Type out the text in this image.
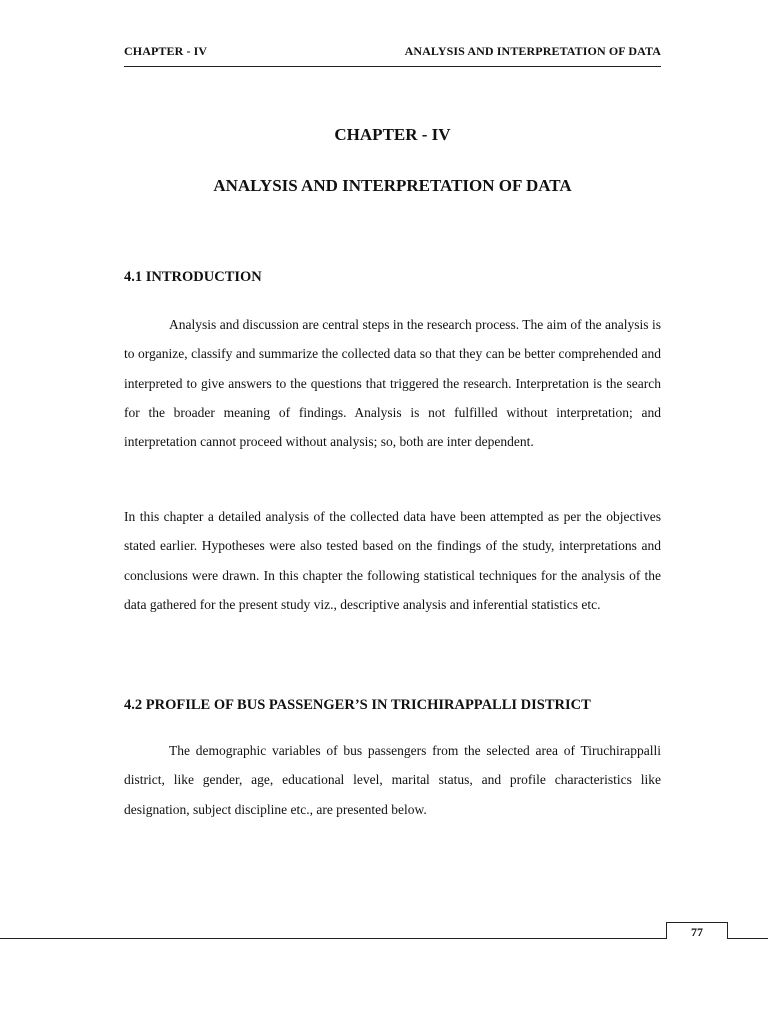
CHAPTER - IV	ANALYSIS AND INTERPRETATION OF DATA
CHAPTER - IV
ANALYSIS AND INTERPRETATION OF DATA
4.1 INTRODUCTION

Analysis and discussion are central steps in the research process. The aim of the analysis is to organize, classify and summarize the collected data so that they can be better comprehended and interpreted to give answers to the questions that triggered the research. Interpretation is the search for the broader meaning of findings. Analysis is not fulfilled without interpretation; and interpretation cannot proceed without analysis; so, both are inter dependent.

In this chapter a detailed analysis of the collected data have been attempted as per the objectives stated earlier. Hypotheses were also tested based on the findings of the study, interpretations and conclusions were drawn. In this chapter the following statistical techniques for the analysis of the data gathered for the present study viz., descriptive analysis and inferential statistics etc.

4.2 PROFILE OF BUS PASSENGER’S IN TRICHIRAPPALLI DISTRICT

The demographic variables of bus passengers from the selected area of Tiruchirappalli district, like gender, age, educational level, marital status, and profile characteristics like designation, subject discipline etc., are presented below.

77
